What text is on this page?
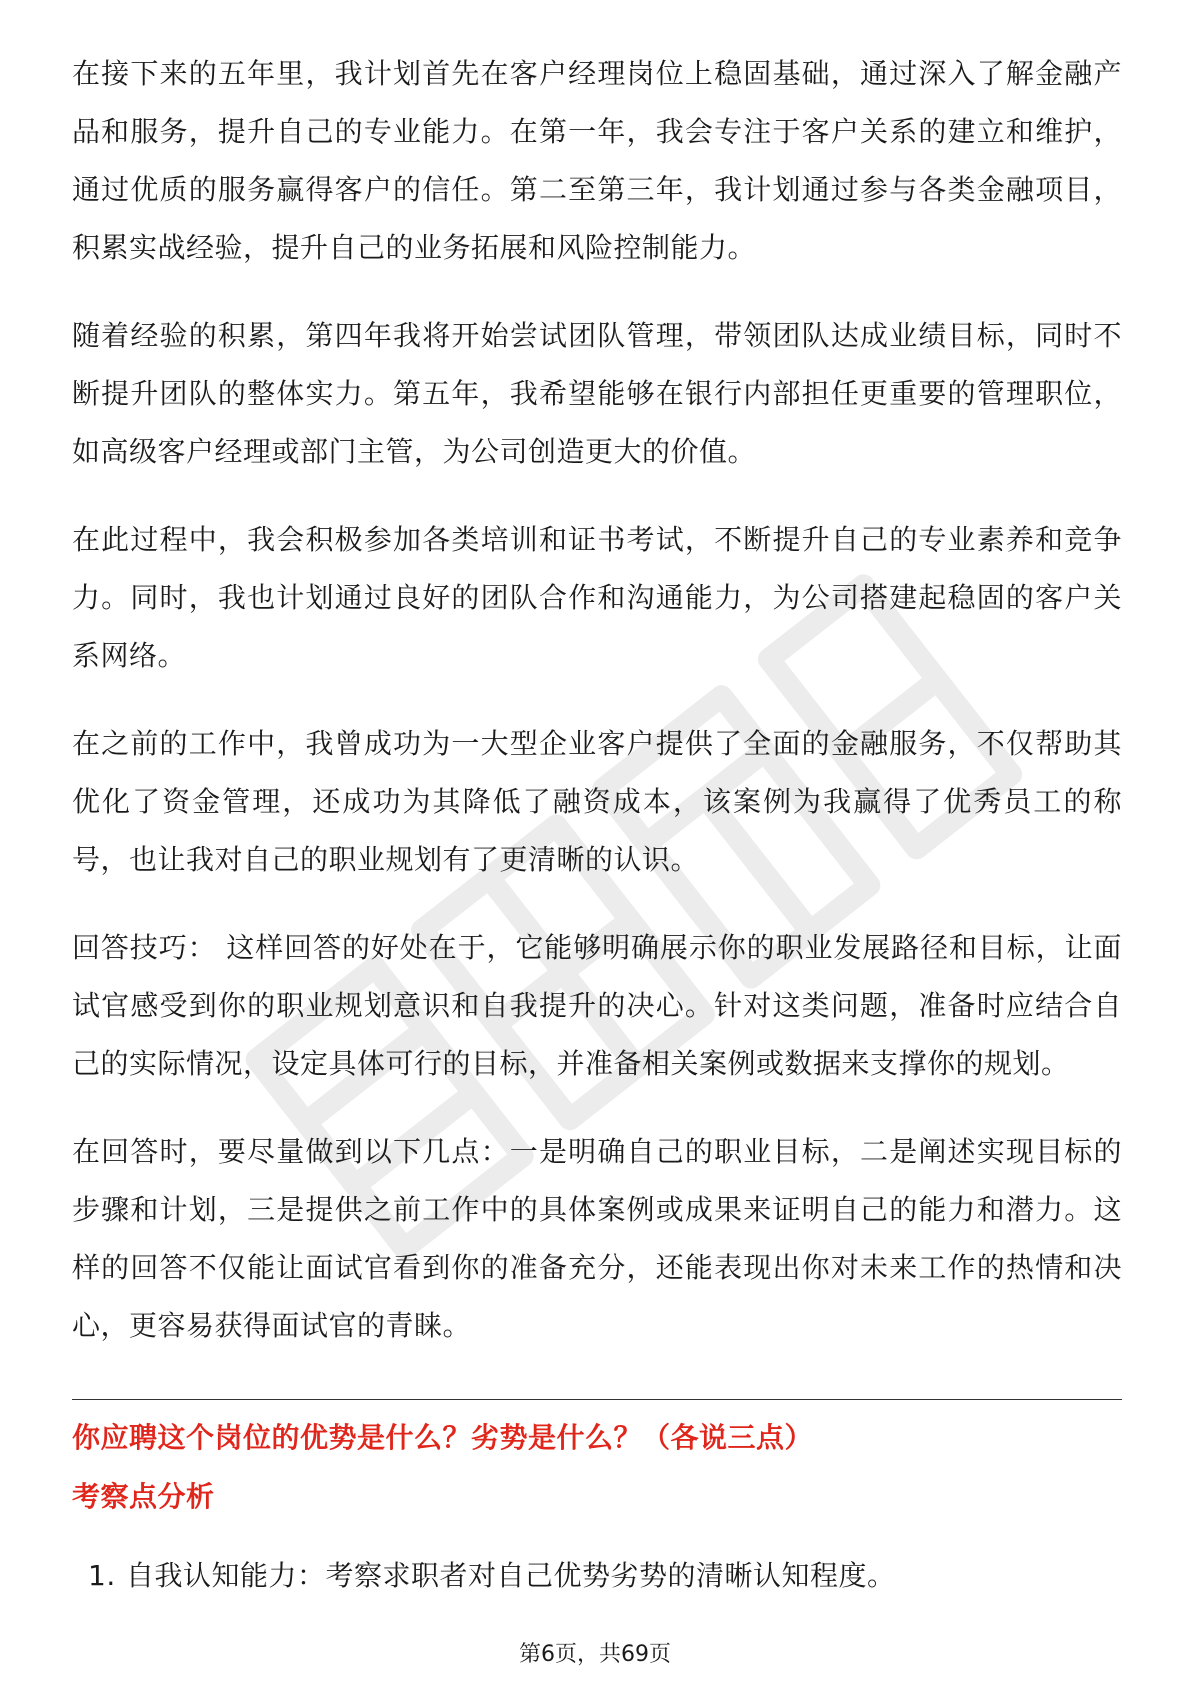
在接下来的五年里，我计划首先在客户经理岗位上稳固基础，通过深入了解金融产品和服务，提升自己的专业能力。在第一年，我会专注于客户关系的建立和维护，通过优质的服务赢得客户的信任。第二至第三年，我计划通过参与各类金融项目，积累实战经验，提升自己的业务拓展和风险控制能力。

随着经验的积累，第四年我将开始尝试团队管理，带领团队达成业绩目标，同时不断提升团队的整体实力。第五年，我希望能够在银行内部担任更重要的管理职位，如高级客户经理或部门主管，为公司创造更大的价值。

在此过程中，我会积极参加各类培训和证书考试，不断提升自己的专业素养和竞争力。同时，我也计划通过良好的团队合作和沟通能力，为公司搭建起稳固的客户关系网络。

在之前的工作中，我曾成功为一大型企业客户提供了全面的金融服务，不仅帮助其优化了资金管理，还成功为其降低了融资成本，该案例为我赢得了优秀员工的称号，也让我对自己的职业规划有了更清晰的认识。

回答技巧： 这样回答的好处在于，它能够明确展示你的职业发展路径和目标，让面试官感受到你的职业规划意识和自我提升的决心。针对这类问题，准备时应结合自己的实际情况，设定具体可行的目标，并准备相关案例或数据来支撑你的规划。

在回答时，要尽量做到以下几点：一是明确自己的职业目标，二是阐述实现目标的步骤和计划，三是提供之前工作中的具体案例或成果来证明自己的能力和潜力。这样的回答不仅能让面试官看到你的准备充分，还能表现出你对未来工作的热情和决心，更容易获得面试官的青睐。

你应聘这个岗位的优势是什么？劣势是什么？（各说三点）
考察点分析
1. 自我认知能力：考察求职者对自己优势劣势的清晰认知程度。
第6页，共69页
